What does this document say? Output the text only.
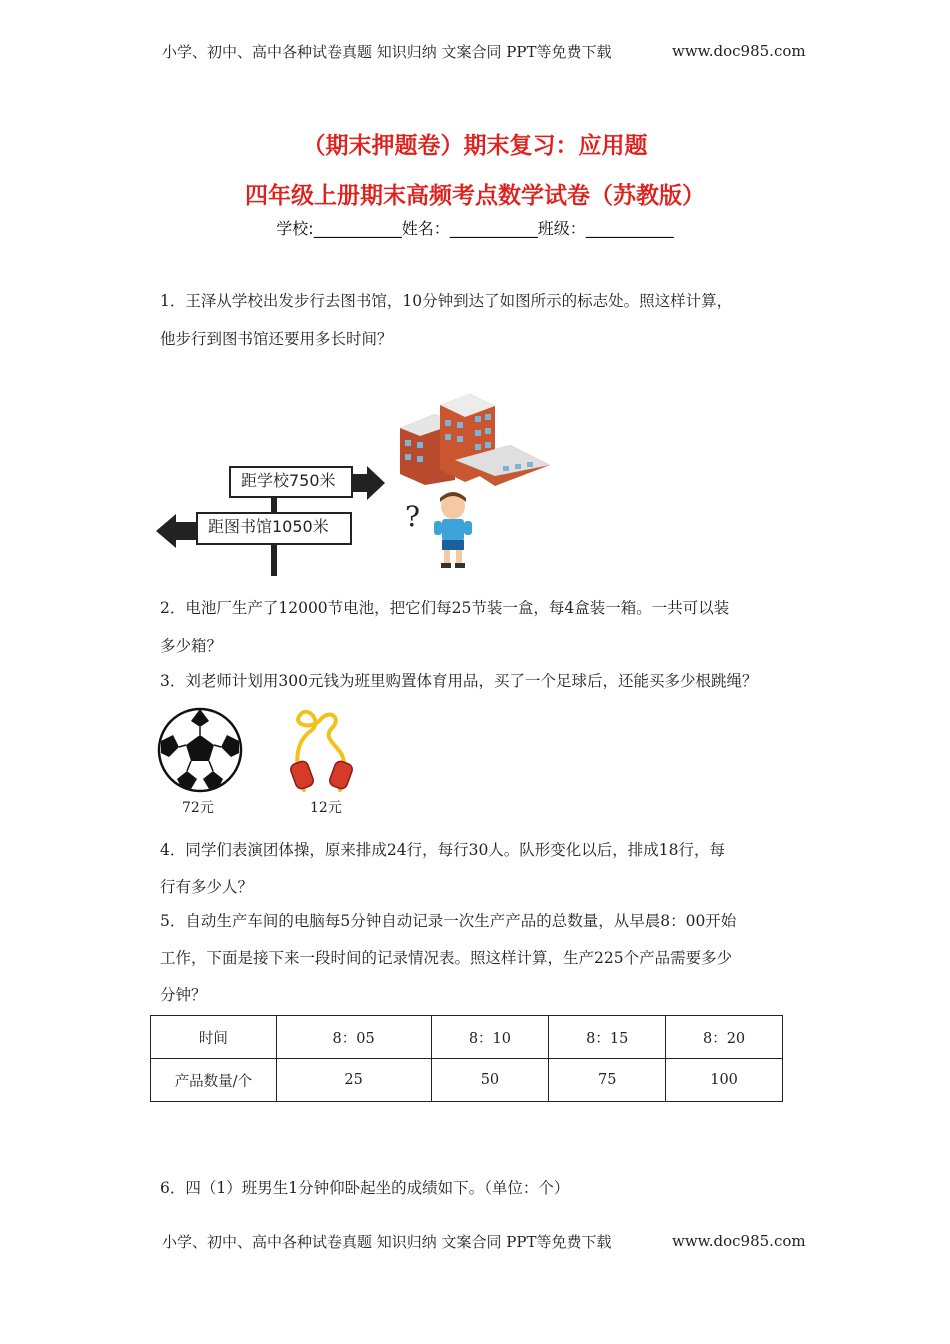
小学、初中、高中各种试卷真题 知识归纳 文案合同 PPT等免费下载	www.doc985.com
（期末押题卷）期末复习：应用题
四年级上册期末高频考点数学试卷（苏教版）
学校:___________姓名：___________班级：___________
1．王泽从学校出发步行去图书馆，10分钟到达了如图所示的标志处。照这样计算，
他步行到图书馆还要用多长时间？
距学校750米
距图书馆1050米	?
2．电池厂生产了12000节电池，把它们每25节装一盒，每4盒装一箱。一共可以装
多少箱？
3．刘老师计划用300元钱为班里购置体育用品，买了一个足球后，还能买多少根跳绳？
72元	12元
4．同学们表演团体操，原来排成24行，每行30人。队形变化以后，排成18行，每
行有多少人？
5．自动生产车间的电脑每5分钟自动记录一次生产产品的总数量，从早晨8：00开始
工作，下面是接下来一段时间的记录情况表。照这样计算，生产225个产品需要多少
分钟？
时间	8：05	8：10	8：15	8：20
产品数量/个	25	50	75	100
6．四（1）班男生1分钟仰卧起坐的成绩如下。（单位：个）
小学、初中、高中各种试卷真题 知识归纳 文案合同 PPT等免费下载	www.doc985.com
